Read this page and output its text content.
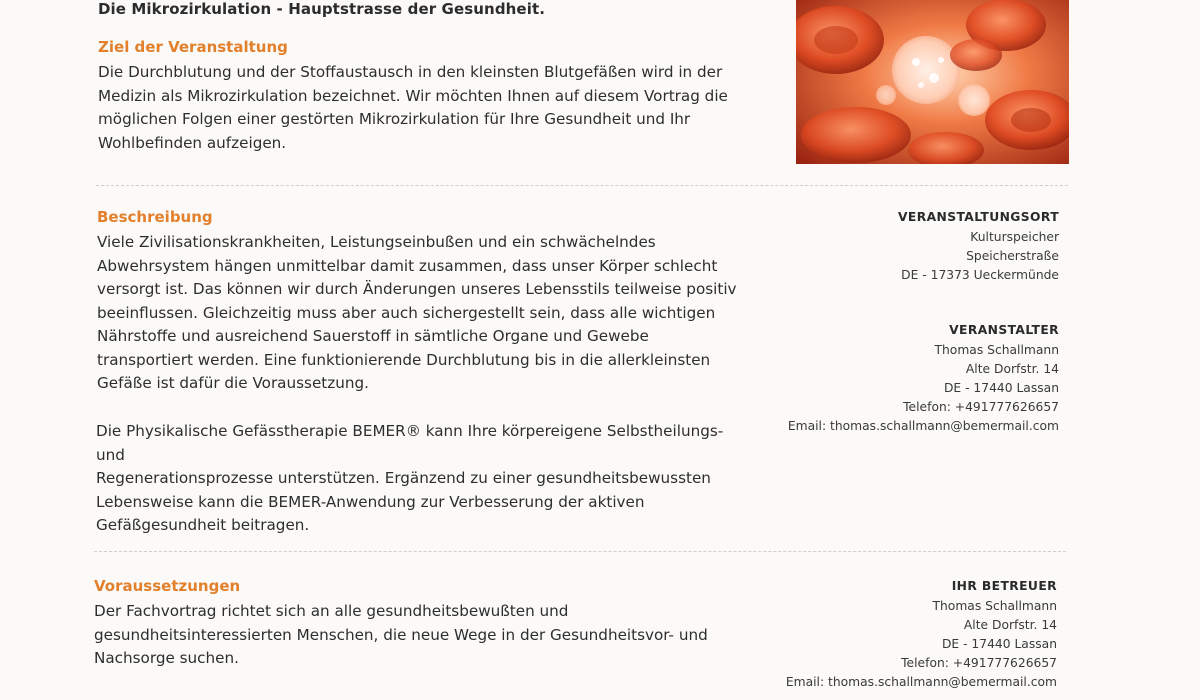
Die Mikrozirkulation - Hauptstrasse der Gesundheit.
Ziel der Veranstaltung
Die Durchblutung und der Stoffaustausch in den kleinsten Blutgefäßen wird in der
Medizin als Mikrozirkulation bezeichnet. Wir möchten Ihnen auf diesem Vortrag die
möglichen Folgen einer gestörten Mikrozirkulation für Ihre Gesundheit und Ihr
Wohlbefinden aufzeigen.
Beschreibung
Viele Zivilisationskrankheiten, Leistungseinbußen und ein schwächelndes
Abwehrsystem hängen unmittelbar damit zusammen, dass unser Körper schlecht
versorgt ist. Das können wir durch Änderungen unseres Lebensstils teilweise positiv
beeinflussen. Gleichzeitig muss aber auch sichergestellt sein, dass alle wichtigen
Nährstoffe und ausreichend Sauerstoff in sämtliche Organe und Gewebe
transportiert werden. Eine funktionierende Durchblutung bis in die allerkleinsten
Gefäße ist dafür die Voraussetzung.
Die Physikalische Gefässtherapie BEMER® kann Ihre körpereigene Selbstheilungs- und
Regenerationsprozesse unterstützen. Ergänzend zu einer gesundheitsbewussten
Lebensweise kann die BEMER-Anwendung zur Verbesserung der aktiven
Gefäßgesundheit beitragen.
VERANSTALTUNGSORT
Kulturspeicher
Speicherstraße
DE - 17373 Ueckermünde
VERANSTALTER
Thomas Schallmann
Alte Dorfstr. 14
DE - 17440 Lassan
Telefon: +491777626657
Email: thomas.schallmann@bemermail.com
Voraussetzungen
Der Fachvortrag richtet sich an alle gesundheitsbewußten und
gesundheitsinteressierten Menschen, die neue Wege in der Gesundheitsvor- und
Nachsorge suchen.
IHR BETREUER
Thomas Schallmann
Alte Dorfstr. 14
DE - 17440 Lassan
Telefon: +491777626657
Email: thomas.schallmann@bemermail.com
